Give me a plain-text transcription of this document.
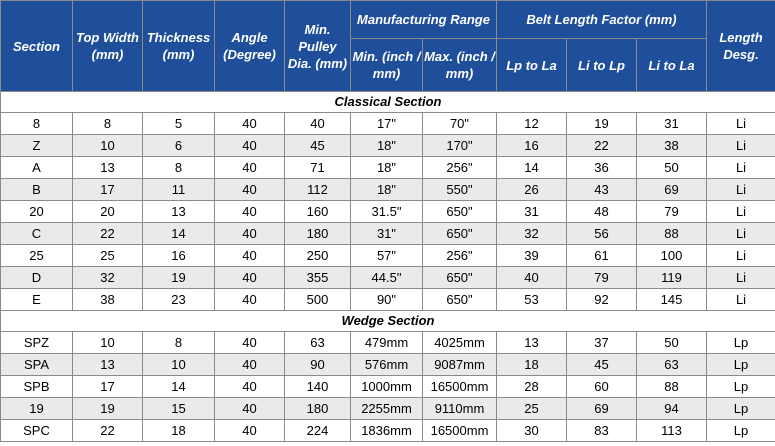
Section	Top Width (mm)	Thickness (mm)	Angle (Degree)	Min. Pulley Dia. (mm)	Manufacturing Range		Belt Length Factor (mm)			Length Desg.
					Min. (inch / mm)	Max. (inch / mm)	Lp to La	Li to Lp	Li to La	
Classical Section										
8	8	5	40	40	17"	70"	12	19	31	Li
Z	10	6	40	45	18"	170"	16	22	38	Li
A	13	8	40	71	18"	256"	14	36	50	Li
B	17	11	40	112	18"	550"	26	43	69	Li
20	20	13	40	160	31.5"	650"	31	48	79	Li
C	22	14	40	180	31"	650"	32	56	88	Li
25	25	16	40	250	57"	256"	39	61	100	Li
D	32	19	40	355	44.5"	650"	40	79	119	Li
E	38	23	40	500	90"	650"	53	92	145	Li
Wedge Section										
SPZ	10	8	40	63	479mm	4025mm	13	37	50	Lp
SPA	13	10	40	90	576mm	9087mm	18	45	63	Lp
SPB	17	14	40	140	1000mm	16500mm	28	60	88	Lp
19	19	15	40	180	2255mm	9110mm	25	69	94	Lp
SPC	22	18	40	224	1836mm	16500mm	30	83	113	Lp
